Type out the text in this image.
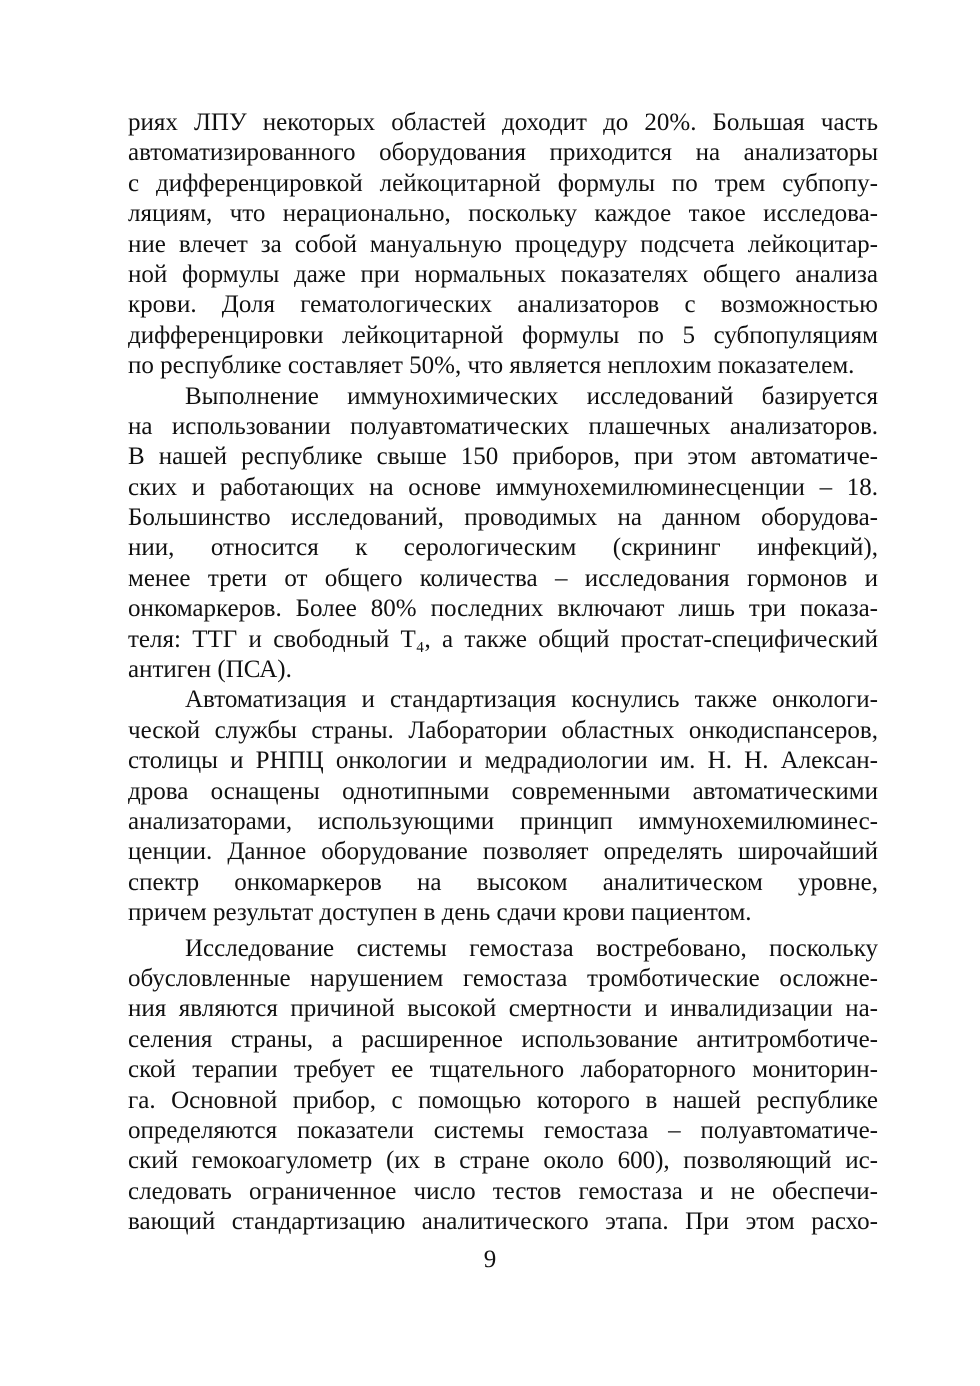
риях ЛПУ некоторых областей доходит до 20%. Большая часть
автоматизированного оборудования приходится на анализаторы
с дифференцировкой лейкоцитарной формулы по трем субпопу-
ляциям, что нерационально, поскольку каждое такое исследова-
ние влечет за собой мануальную процедуру подсчета лейкоцитар-
ной формулы даже при нормальных показателях общего анализа
крови. Доля гематологических анализаторов с возможностью
дифференцировки лейкоцитарной формулы по 5 субпопуляциям
по республике составляет 50%, что является неплохим показателем.
Выполнение иммунохимических исследований базируется
на использовании полуавтоматических плашечных анализаторов.
В нашей республике свыше 150 приборов, при этом автоматиче-
ских и работающих на основе иммунохемилюминесценции – 18.
Большинство исследований, проводимых на данном оборудова-
нии, относится к серологическим (скрининг инфекций),
менее трети от общего количества – исследования гормонов и
онкомаркеров. Более 80% последних включают лишь три показа-
теля: ТТГ и свободный Т₄, а также общий простат-специфический
антиген (ПСА).
Автоматизация и стандартизация коснулись также онкологи-
ческой службы страны. Лаборатории областных онкодиспансеров,
столицы и РНПЦ онкологии и медрадиологии им. Н. Н. Алексан-
дрова оснащены однотипными современными автоматическими
анализаторами, использующими принцип иммунохемилюминес-
ценции. Данное оборудование позволяет определять широчайший
спектр онкомаркеров на высоком аналитическом уровне,
причем результат доступен в день сдачи крови пациентом.
Исследование системы гемостаза востребовано, поскольку
обусловленные нарушением гемостаза тромботические осложне-
ния являются причиной высокой смертности и инвалидизации на-
селения страны, а расширенное использование антитромботиче-
ской терапии требует ее тщательного лабораторного мониторин-
га. Основной прибор, с помощью которого в нашей республике
определяются показатели системы гемостаза – полуавтоматиче-
ский гемокоагулометр (их в стране около 600), позволяющий ис-
следовать ограниченное число тестов гемостаза и не обеспечи-
вающий стандартизацию аналитического этапа. При этом расхо-
9
